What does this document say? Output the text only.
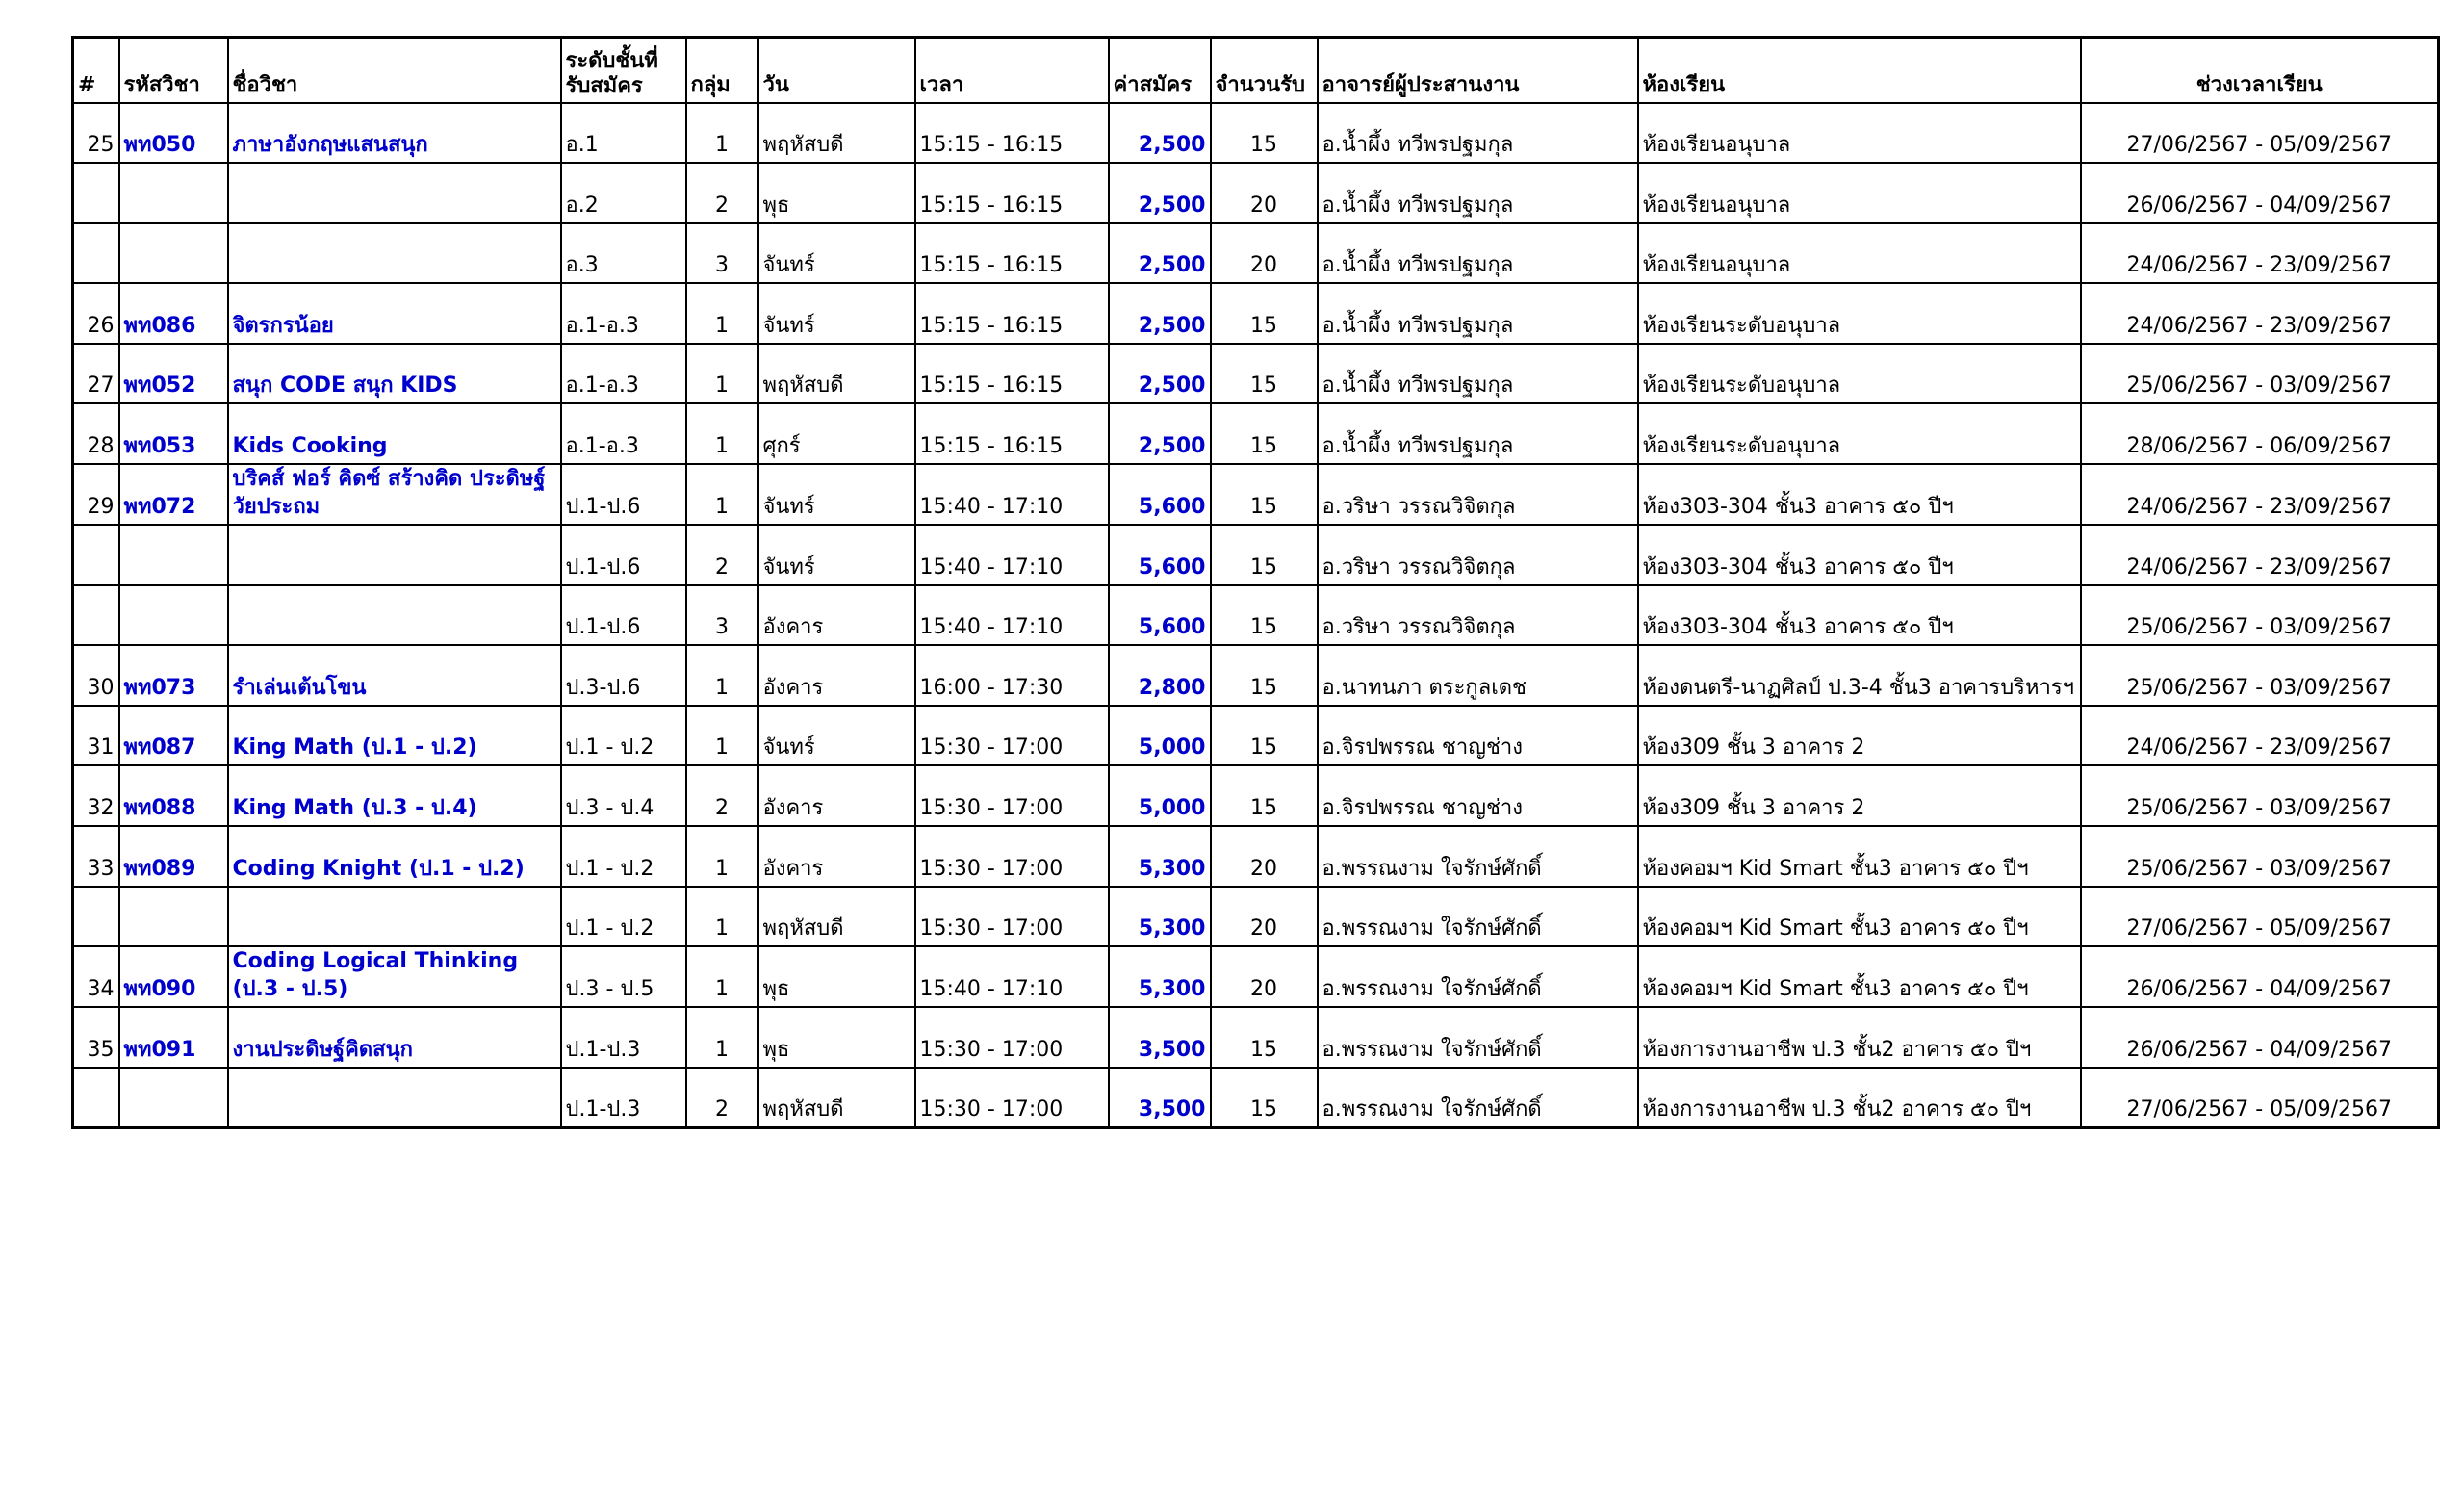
#	รหัสวิชา	ชื่อวิชา	ระดับชั้นที่รับสมัคร	กลุ่ม	วัน	เวลา	ค่าสมัคร	จำนวนรับ	อาจารย์ผู้ประสานงาน	ห้องเรียน	ช่วงเวลาเรียน
25	พท050	ภาษาอังกฤษแสนสนุก	อ.1	1	พฤหัสบดี	15:15 - 16:15	2,500	15	อ.น้ำผึ้ง ทวีพรปฐมกุล	ห้องเรียนอนุบาล	27/06/2567 - 05/09/2567
			อ.2	2	พุธ	15:15 - 16:15	2,500	20	อ.น้ำผึ้ง ทวีพรปฐมกุล	ห้องเรียนอนุบาล	26/06/2567 - 04/09/2567
			อ.3	3	จันทร์	15:15 - 16:15	2,500	20	อ.น้ำผึ้ง ทวีพรปฐมกุล	ห้องเรียนอนุบาล	24/06/2567 - 23/09/2567
26	พท086	จิตรกรน้อย	อ.1-อ.3	1	จันทร์	15:15 - 16:15	2,500	15	อ.น้ำผึ้ง ทวีพรปฐมกุล	ห้องเรียนระดับอนุบาล	24/06/2567 - 23/09/2567
27	พท052	สนุก CODE สนุก KIDS	อ.1-อ.3	1	พฤหัสบดี	15:15 - 16:15	2,500	15	อ.น้ำผึ้ง ทวีพรปฐมกุล	ห้องเรียนระดับอนุบาล	25/06/2567 - 03/09/2567
28	พท053	Kids Cooking	อ.1-อ.3	1	ศุกร์	15:15 - 16:15	2,500	15	อ.น้ำผึ้ง ทวีพรปฐมกุล	ห้องเรียนระดับอนุบาล	28/06/2567 - 06/09/2567
29	พท072	บริคส์ ฟอร์ คิดซ์ สร้างคิด ประดิษฐ์วัยประถม	ป.1-ป.6	1	จันทร์	15:40 - 17:10	5,600	15	อ.วริษา วรรณวิจิตกุล	ห้อง303-304 ชั้น3 อาคาร ๕๐ ปีฯ	24/06/2567 - 23/09/2567
			ป.1-ป.6	2	จันทร์	15:40 - 17:10	5,600	15	อ.วริษา วรรณวิจิตกุล	ห้อง303-304 ชั้น3 อาคาร ๕๐ ปีฯ	24/06/2567 - 23/09/2567
			ป.1-ป.6	3	อังคาร	15:40 - 17:10	5,600	15	อ.วริษา วรรณวิจิตกุล	ห้อง303-304 ชั้น3 อาคาร ๕๐ ปีฯ	25/06/2567 - 03/09/2567
30	พท073	รำเล่นเต้นโขน	ป.3-ป.6	1	อังคาร	16:00 - 17:30	2,800	15	อ.นาทนภา ตระกูลเดช	ห้องดนตรี-นาฏศิลป์ ป.3-4 ชั้น3 อาคารบริหารฯ	25/06/2567 - 03/09/2567
31	พท087	King Math (ป.1 - ป.2)	ป.1 - ป.2	1	จันทร์	15:30 - 17:00	5,000	15	อ.จิรปพรรณ ชาญช่าง	ห้อง309 ชั้น 3 อาคาร 2	24/06/2567 - 23/09/2567
32	พท088	King Math (ป.3 - ป.4)	ป.3 - ป.4	2	อังคาร	15:30 - 17:00	5,000	15	อ.จิรปพรรณ ชาญช่าง	ห้อง309 ชั้น 3 อาคาร 2	25/06/2567 - 03/09/2567
33	พท089	Coding Knight (ป.1 - ป.2)	ป.1 - ป.2	1	อังคาร	15:30 - 17:00	5,300	20	อ.พรรณงาม ใจรักษ์ศักดิ์	ห้องคอมฯ Kid Smart ชั้น3 อาคาร ๕๐ ปีฯ	25/06/2567 - 03/09/2567
			ป.1 - ป.2	1	พฤหัสบดี	15:30 - 17:00	5,300	20	อ.พรรณงาม ใจรักษ์ศักดิ์	ห้องคอมฯ Kid Smart ชั้น3 อาคาร ๕๐ ปีฯ	27/06/2567 - 05/09/2567
34	พท090	Coding Logical Thinking (ป.3 - ป.5)	ป.3 - ป.5	1	พุธ	15:40 - 17:10	5,300	20	อ.พรรณงาม ใจรักษ์ศักดิ์	ห้องคอมฯ Kid Smart ชั้น3 อาคาร ๕๐ ปีฯ	26/06/2567 - 04/09/2567
35	พท091	งานประดิษฐ์คิดสนุก	ป.1-ป.3	1	พุธ	15:30 - 17:00	3,500	15	อ.พรรณงาม ใจรักษ์ศักดิ์	ห้องการงานอาชีพ ป.3 ชั้น2 อาคาร ๕๐ ปีฯ	26/06/2567 - 04/09/2567
			ป.1-ป.3	2	พฤหัสบดี	15:30 - 17:00	3,500	15	อ.พรรณงาม ใจรักษ์ศักดิ์	ห้องการงานอาชีพ ป.3 ชั้น2 อาคาร ๕๐ ปีฯ	27/06/2567 - 05/09/2567
